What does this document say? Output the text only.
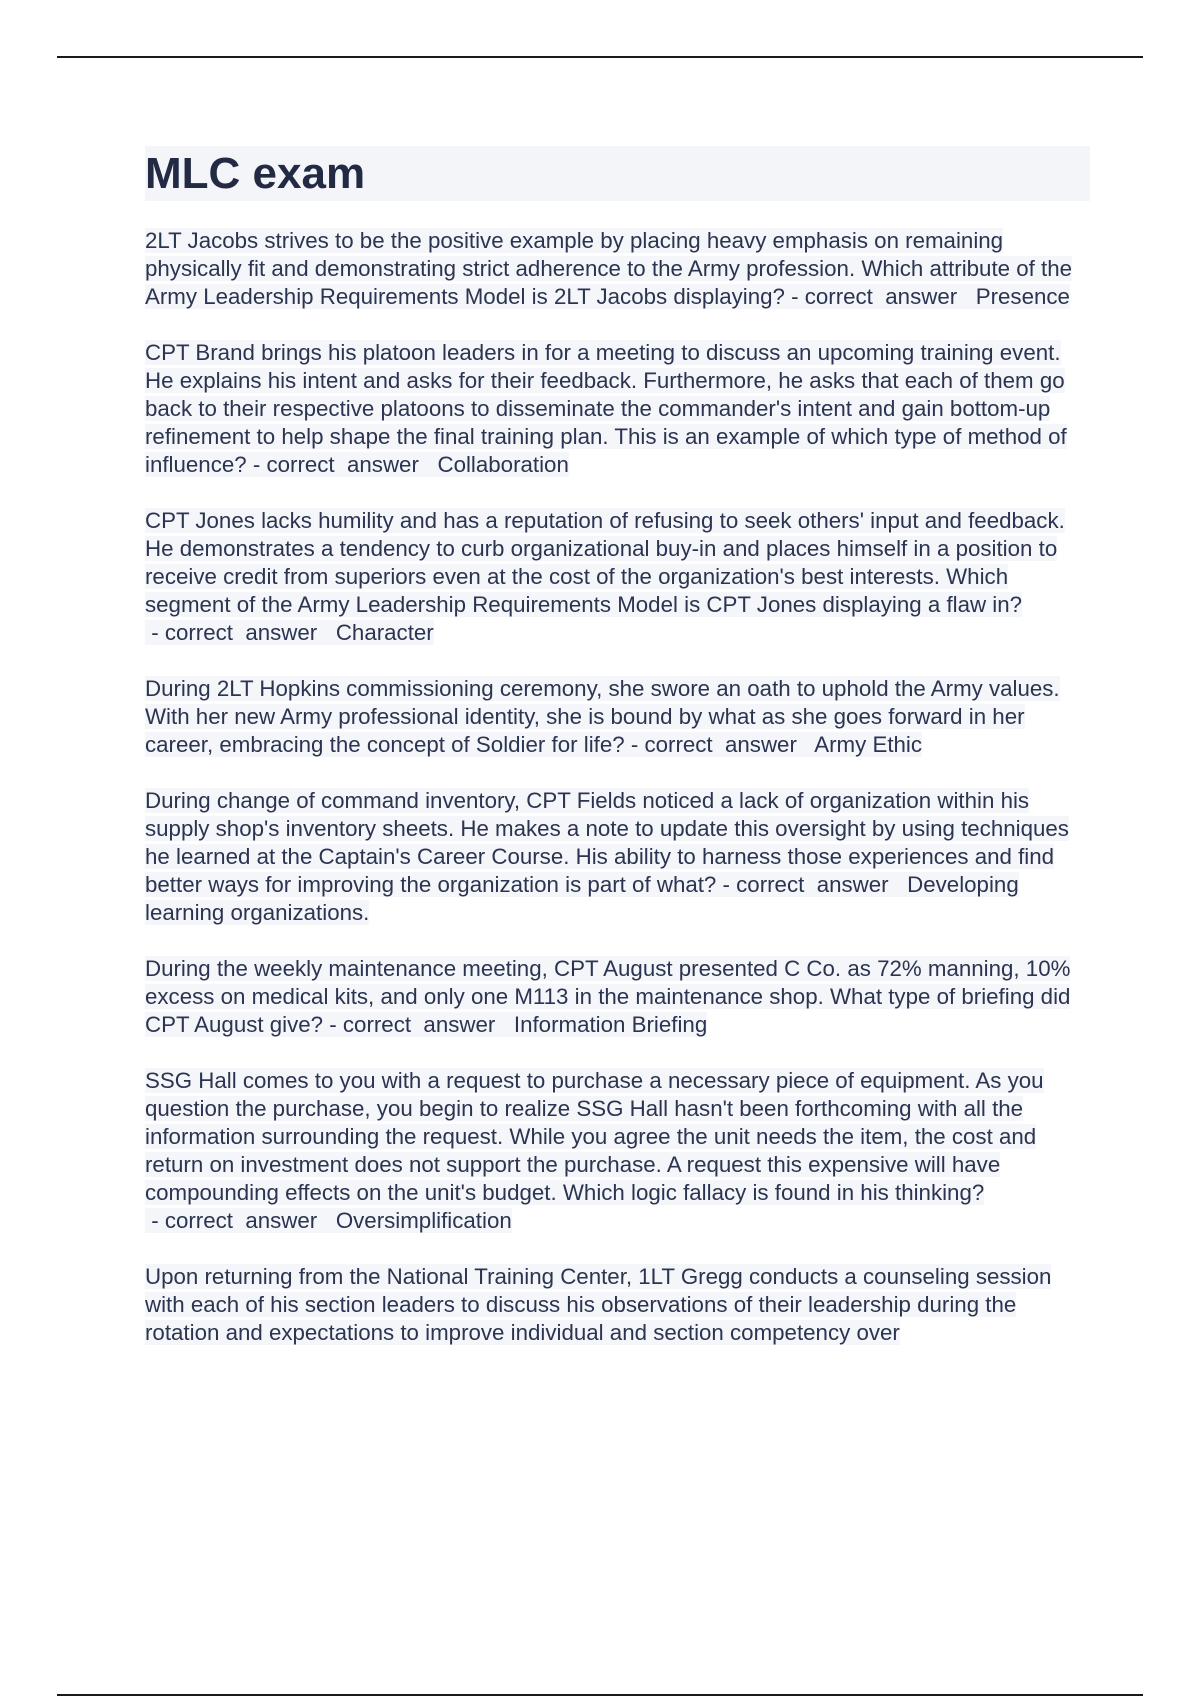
MLC exam

2LT Jacobs strives to be the positive example by placing heavy emphasis on remaining physically fit and demonstrating strict adherence to the Army profession. Which attribute of the Army Leadership Requirements Model is 2LT Jacobs displaying? - correct  answer   Presence

CPT Brand brings his platoon leaders in for a meeting to discuss an upcoming training event. He explains his intent and asks for their feedback. Furthermore, he asks that each of them go back to their respective platoons to disseminate the commander's intent and gain bottom-up refinement to help shape the final training plan. This is an example of which type of method of influence? - correct  answer   Collaboration

CPT Jones lacks humility and has a reputation of refusing to seek others' input and feedback. He demonstrates a tendency to curb organizational buy-in and places himself in a position to receive credit from superiors even at the cost of the organization's best interests. Which segment of the Army Leadership Requirements Model is CPT Jones displaying a flaw in? - correct  answer   Character

During 2LT Hopkins commissioning ceremony, she swore an oath to uphold the Army values. With her new Army professional identity, she is bound by what as she goes forward in her career, embracing the concept of Soldier for life? - correct  answer   Army Ethic

During change of command inventory, CPT Fields noticed a lack of organization within his supply shop's inventory sheets. He makes a note to update this oversight by using techniques he learned at the Captain's Career Course. His ability to harness those experiences and find better ways for improving the organization is part of what? - correct  answer   Developing learning organizations.

During the weekly maintenance meeting, CPT August presented C Co. as 72% manning, 10% excess on medical kits, and only one M113 in the maintenance shop. What type of briefing did CPT August give? - correct  answer   Information Briefing

SSG Hall comes to you with a request to purchase a necessary piece of equipment. As you question the purchase, you begin to realize SSG Hall hasn't been forthcoming with all the information surrounding the request. While you agree the unit needs the item, the cost and return on investment does not support the purchase. A request this expensive will have compounding effects on the unit's budget. Which logic fallacy is found in his thinking? - correct  answer   Oversimplification

Upon returning from the National Training Center, 1LT Gregg conducts a counseling session with each of his section leaders to discuss his observations of their leadership during the rotation and expectations to improve individual and section competency over
